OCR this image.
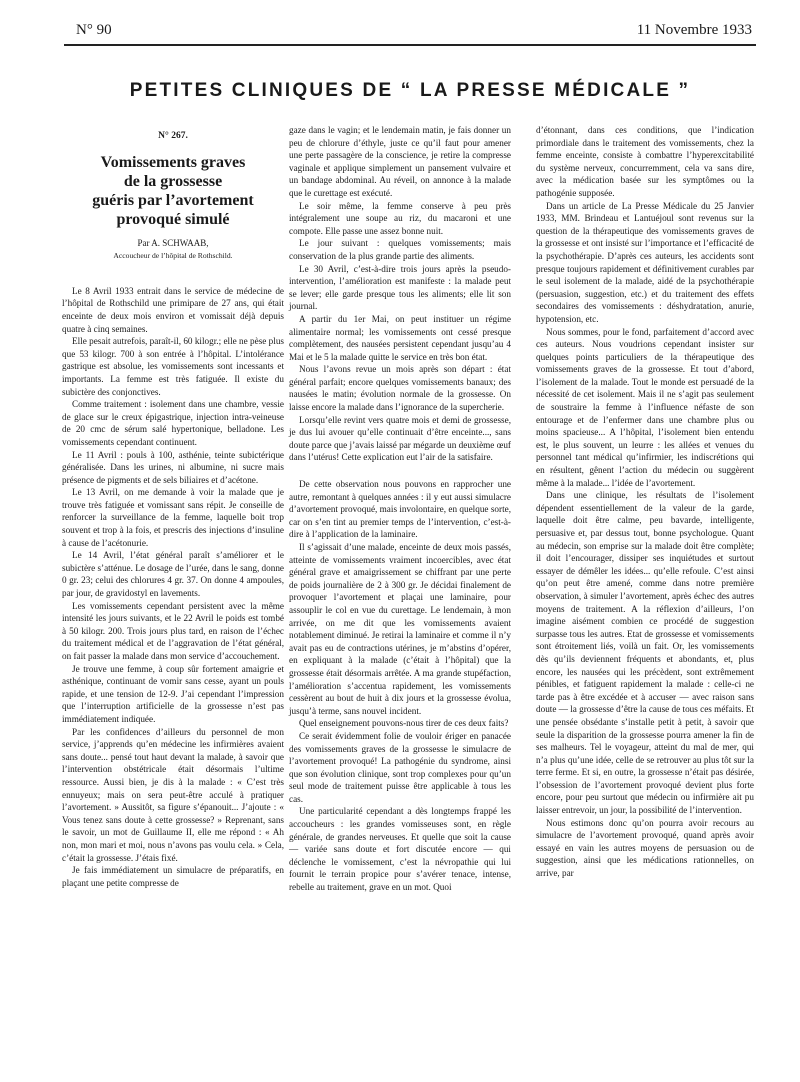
N° 90	11 Novembre 1933
PETITES CLINIQUES DE “ LA PRESSE MÉDICALE ”
N° 267.
Vomissements graves
de la grossesse
guéris par l’avortement
provoqué simulé
Par A. SCHWAAB,
Accoucheur de l’hôpital de Rothschild.

Le 8 Avril 1933 entrait dans le service de médecine de l’hôpital de Rothschild une primipare de 27 ans, qui était enceinte de deux mois environ et vomissait déjà depuis quatre à cinq semaines.

Elle pesait autrefois, paraît-il, 60 kilogr.; elle ne pèse plus que 53 kilogr. 700 à son entrée à l’hôpital. L’intolérance gastrique est absolue, les vomissements sont incessants et importants. La femme est très fatiguée. Il existe du subictère des conjonctives.

Comme traitement : isolement dans une chambre, vessie de glace sur le creux épigastrique, injection intra-veineuse de 20 cmc de sérum salé hypertonique, belladone. Les vomissements cependant continuent.

Le 11 Avril : pouls à 100, asthénie, teinte subictérique généralisée. Dans les urines, ni albumine, ni sucre mais présence de pigments et de sels biliaires et d’acétone.

Le 13 Avril, on me demande à voir la malade que je trouve très fatiguée et vomissant sans répit. Je conseille de renforcer la surveillance de la femme, laquelle boit trop souvent et trop à la fois, et prescris des injections d’insuline à cause de l’acétonurie.

Le 14 Avril, l’état général paraît s’améliorer et le subictère s’atténue. Le dosage de l’urée, dans le sang, donne 0 gr. 23; celui des chlorures 4 gr. 37. On donne 4 ampoules, par jour, de gravidostyl en lavements.

Les vomissements cependant persistent avec la même intensité les jours suivants, et le 22 Avril le poids est tombé à 50 kilogr. 200. Trois jours plus tard, en raison de l’échec du traitement médical et de l’aggravation de l’état général, on fait passer la malade dans mon service d’accouchement.

Je trouve une femme, à coup sûr fortement amaigrie et asthénique, continuant de vomir sans cesse, ayant un pouls rapide, et une tension de 12-9. J’ai cependant l’impression que l’interruption artificielle de la grossesse n’est pas immédiatement indiquée.

Par les confidences d’ailleurs du personnel de mon service, j’apprends qu’en médecine les infirmières avaient sans doute... pensé tout haut devant la malade, à savoir que l’intervention obstétricale était désormais l’ultime ressource. Aussi bien, je dis à la malade : « C’est très ennuyeux; mais on sera peut-être acculé à pratiquer l’avortement. » Aussitôt, sa figure s’épanouit... J’ajoute : « Vous tenez sans doute à cette grossesse? » Reprenant, sans le savoir, un mot de Guillaume II, elle me répond : « Ah non, mon mari et moi, nous n’avons pas voulu cela. » Cela, c’était la grossesse. J’étais fixé.

Je fais immédiatement un simulacre de préparatifs, en plaçant une petite compresse de

gaze dans le vagin; et le lendemain matin, je fais donner un peu de chlorure d’éthyle, juste ce qu’il faut pour amener une perte passagère de la conscience, je retire la compresse vaginale et applique simplement un pansement vulvaire et un bandage abdominal. Au réveil, on annonce à la malade que le curettage est exécuté.

Le soir même, la femme conserve à peu près intégralement une soupe au riz, du macaroni et une compote. Elle passe une assez bonne nuit.

Le jour suivant : quelques vomissements; mais conservation de la plus grande partie des aliments.

Le 30 Avril, c’est-à-dire trois jours après la pseudo-intervention, l’amélioration est manifeste : la malade peut se lever; elle garde presque tous les aliments; elle lit son journal.

A partir du 1er Mai, on peut instituer un régime alimentaire normal; les vomissements ont cessé presque complètement, des nausées persistent cependant jusqu’au 4 Mai et le 5 la malade quitte le service en très bon état.

Nous l’avons revue un mois après son départ : état général parfait; encore quelques vomissements banaux; des nausées le matin; évolution normale de la grossesse. On laisse encore la malade dans l’ignorance de la supercherie.

Lorsqu’elle revint vers quatre mois et demi de grossesse, je dus lui avouer qu’elle continuait d’être enceinte..., sans doute parce que j’avais laissé par mégarde un deuxième œuf dans l’utérus! Cette explication eut l’air de la satisfaire.

De cette observation nous pouvons en rapprocher une autre, remontant à quelques années : il y eut aussi simulacre d’avortement provoqué, mais involontaire, en quelque sorte, car on s’en tint au premier temps de l’intervention, c’est-à-dire à l’application de la laminaire.

Il s’agissait d’une malade, enceinte de deux mois passés, atteinte de vomissements vraiment incoercibles, avec état général grave et amaigrissement se chiffrant par une perte de poids journalière de 2 à 300 gr. Je décidai finalement de provoquer l’avortement et plaçai une laminaire, pour assouplir le col en vue du curettage. Le lendemain, à mon arrivée, on me dit que les vomissements avaient notablement diminué. Je retirai la laminaire et comme il n’y avait pas eu de contractions utérines, je m’abstins d’opérer, en expliquant à la malade (c’était à l’hôpital) que la grossesse était désormais arrêtée. A ma grande stupéfaction, l’amélioration s’accentua rapidement, les vomissements cessèrent au bout de huit à dix jours et la grossesse évolua, jusqu’à terme, sans nouvel incident.

Quel enseignement pouvons-nous tirer de ces deux faits?

Ce serait évidemment folie de vouloir ériger en panacée des vomissements graves de la grossesse le simulacre de l’avortement provoqué! La pathogénie du syndrome, ainsi que son évolution clinique, sont trop complexes pour qu’un seul mode de traitement puisse être applicable à tous les cas.

Une particularité cependant a dès longtemps frappé les accoucheurs : les grandes vomisseuses sont, en règle générale, de grandes nerveuses. Et quelle que soit la cause — variée sans doute et fort discutée encore — qui déclenche le vomissement, c’est la névropathie qui lui fournit le terrain propice pour s’avérer tenace, intense, rebelle au traitement, grave en un mot. Quoi

d’étonnant, dans ces conditions, que l’indication primordiale dans le traitement des vomissements, chez la femme enceinte, consiste à combattre l’hyperexcitabilité du système nerveux, concurremment, cela va sans dire, avec la médication basée sur les symptômes ou la pathogénie supposée.

Dans un article de La Presse Médicale du 25 Janvier 1933, MM. Brindeau et Lantuéjoul sont revenus sur la question de la thérapeutique des vomissements graves de la grossesse et ont insisté sur l’importance et l’efficacité de la psychothérapie. D’après ces auteurs, les accidents sont presque toujours rapidement et définitivement curables par le seul isolement de la malade, aidé de la psychothérapie (persuasion, suggestion, etc.) et du traitement des effets secondaires des vomissements : déshydratation, anurie, hypotension, etc.

Nous sommes, pour le fond, parfaitement d’accord avec ces auteurs. Nous voudrions cependant insister sur quelques points particuliers de la thérapeutique des vomissements graves de la grossesse. Et tout d’abord, l’isolement de la malade. Tout le monde est persuadé de la nécessité de cet isolement. Mais il ne s’agit pas seulement de soustraire la femme à l’influence néfaste de son entourage et de l’enfermer dans une chambre plus ou moins spacieuse... A l’hôpital, l’isolement bien entendu est, le plus souvent, un leurre : les allées et venues du personnel tant médical qu’infirmier, les indiscrétions qui en résultent, gênent l’action du médecin ou suggèrent même à la malade... l’idée de l’avortement.

Dans une clinique, les résultats de l’isolement dépendent essentiellement de la valeur de la garde, laquelle doit être calme, peu bavarde, intelligente, persuasive et, par dessus tout, bonne psychologue. Quant au médecin, son emprise sur la malade doit être complète; il doit l’encourager, dissiper ses inquiétudes et surtout essayer de démêler les idées... qu’elle refoule. C’est ainsi qu’on peut être amené, comme dans notre première observation, à simuler l’avortement, après échec des autres moyens de traitement. A la réflexion d’ailleurs, l’on imagine aisément combien ce procédé de suggestion surpasse tous les autres. Etat de grossesse et vomissements sont étroitement liés, voilà un fait. Or, les vomissements dès qu’ils deviennent fréquents et abondants, et, plus encore, les nausées qui les précèdent, sont extrêmement pénibles, et fatiguent rapidement la malade : celle-ci ne tarde pas à être excédée et à accuser — avec raison sans doute — la grossesse d’être la cause de tous ces méfaits. Et une pensée obsédante s’installe petit à petit, à savoir que seule la disparition de la grossesse pourra amener la fin de ses malheurs. Tel le voyageur, atteint du mal de mer, qui n’a plus qu’une idée, celle de se retrouver au plus tôt sur la terre ferme. Et si, en outre, la grossesse n’était pas désirée, l’obsession de l’avortement provoqué devient plus forte encore, pour peu surtout que médecin ou infirmière ait pu laisser entrevoir, un jour, la possibilité de l’intervention.

Nous estimons donc qu’on pourra avoir recours au simulacre de l’avortement provoqué, quand après avoir essayé en vain les autres moyens de persuasion ou de suggestion, ainsi que les médications rationnelles, on arrive, par
